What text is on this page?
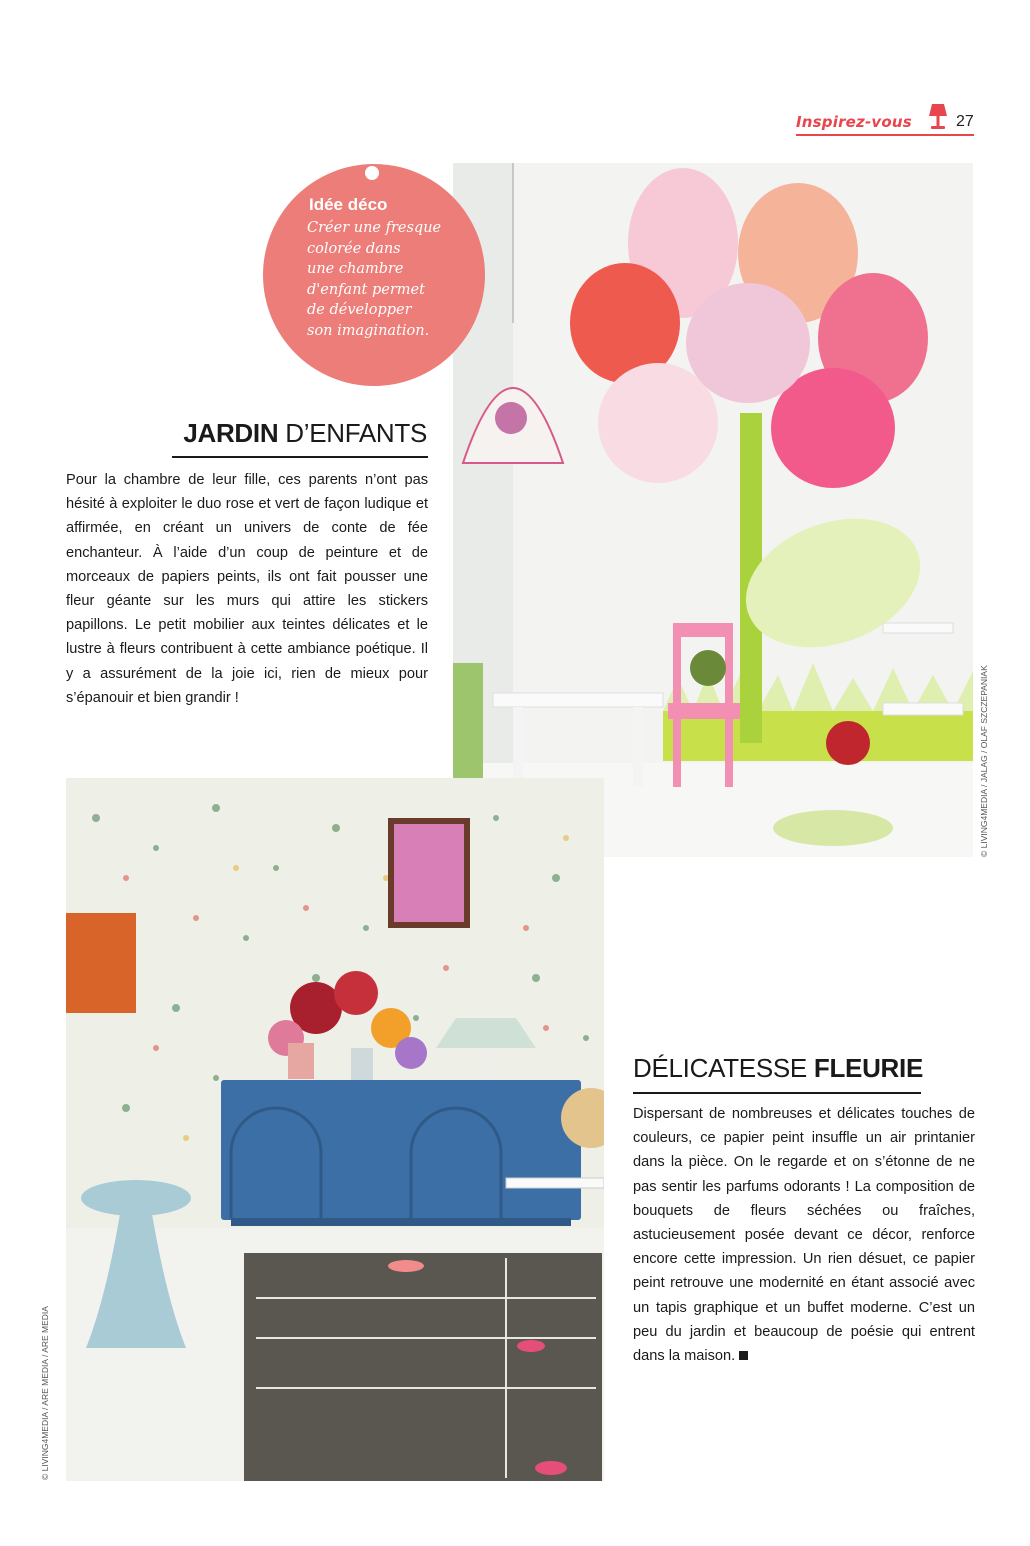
Inspirez-vous	27
Idée déco
Créer une fresque
colorée dans
une chambre
d'enfant permet
de développer
son imagination.
JARDIN D’ENFANTS
Pour la chambre de leur fille, ces parents n’ont pas hésité à exploiter le duo rose et vert de façon ludique et affirmée, en créant un univers de conte de fée enchanteur. À l’aide d’un coup de peinture et de morceaux de papiers peints, ils ont fait pousser une fleur géante sur les murs qui attire les stickers papillons. Le petit mobilier aux teintes délicates et le lustre à fleurs contribuent à cette ambiance poétique. Il y a assurément de la joie ici, rien de mieux pour s’épanouir et bien grandir !	© LIVING4MEDIA / JALAG / OLAF SZCZEPANIAK
DÉLICATESSE FLEURIE
Dispersant de nombreuses et délicates touches de couleurs, ce papier peint insuffle un air printanier dans la pièce. On le regarde et on s’étonne de ne pas sentir les parfums odorants ! La composition de bouquets de fleurs séchées ou fraîches, astucieusement posée devant ce décor, renforce encore cette impression. Un rien désuet, ce papier peint retrouve une modernité en étant associé avec un tapis graphique et un buffet moderne. C’est un peu du jardin et beaucoup de poésie qui entrent dans la maison.
© LIVING4MEDIA / ARE MEDIA / ARE MEDIA
